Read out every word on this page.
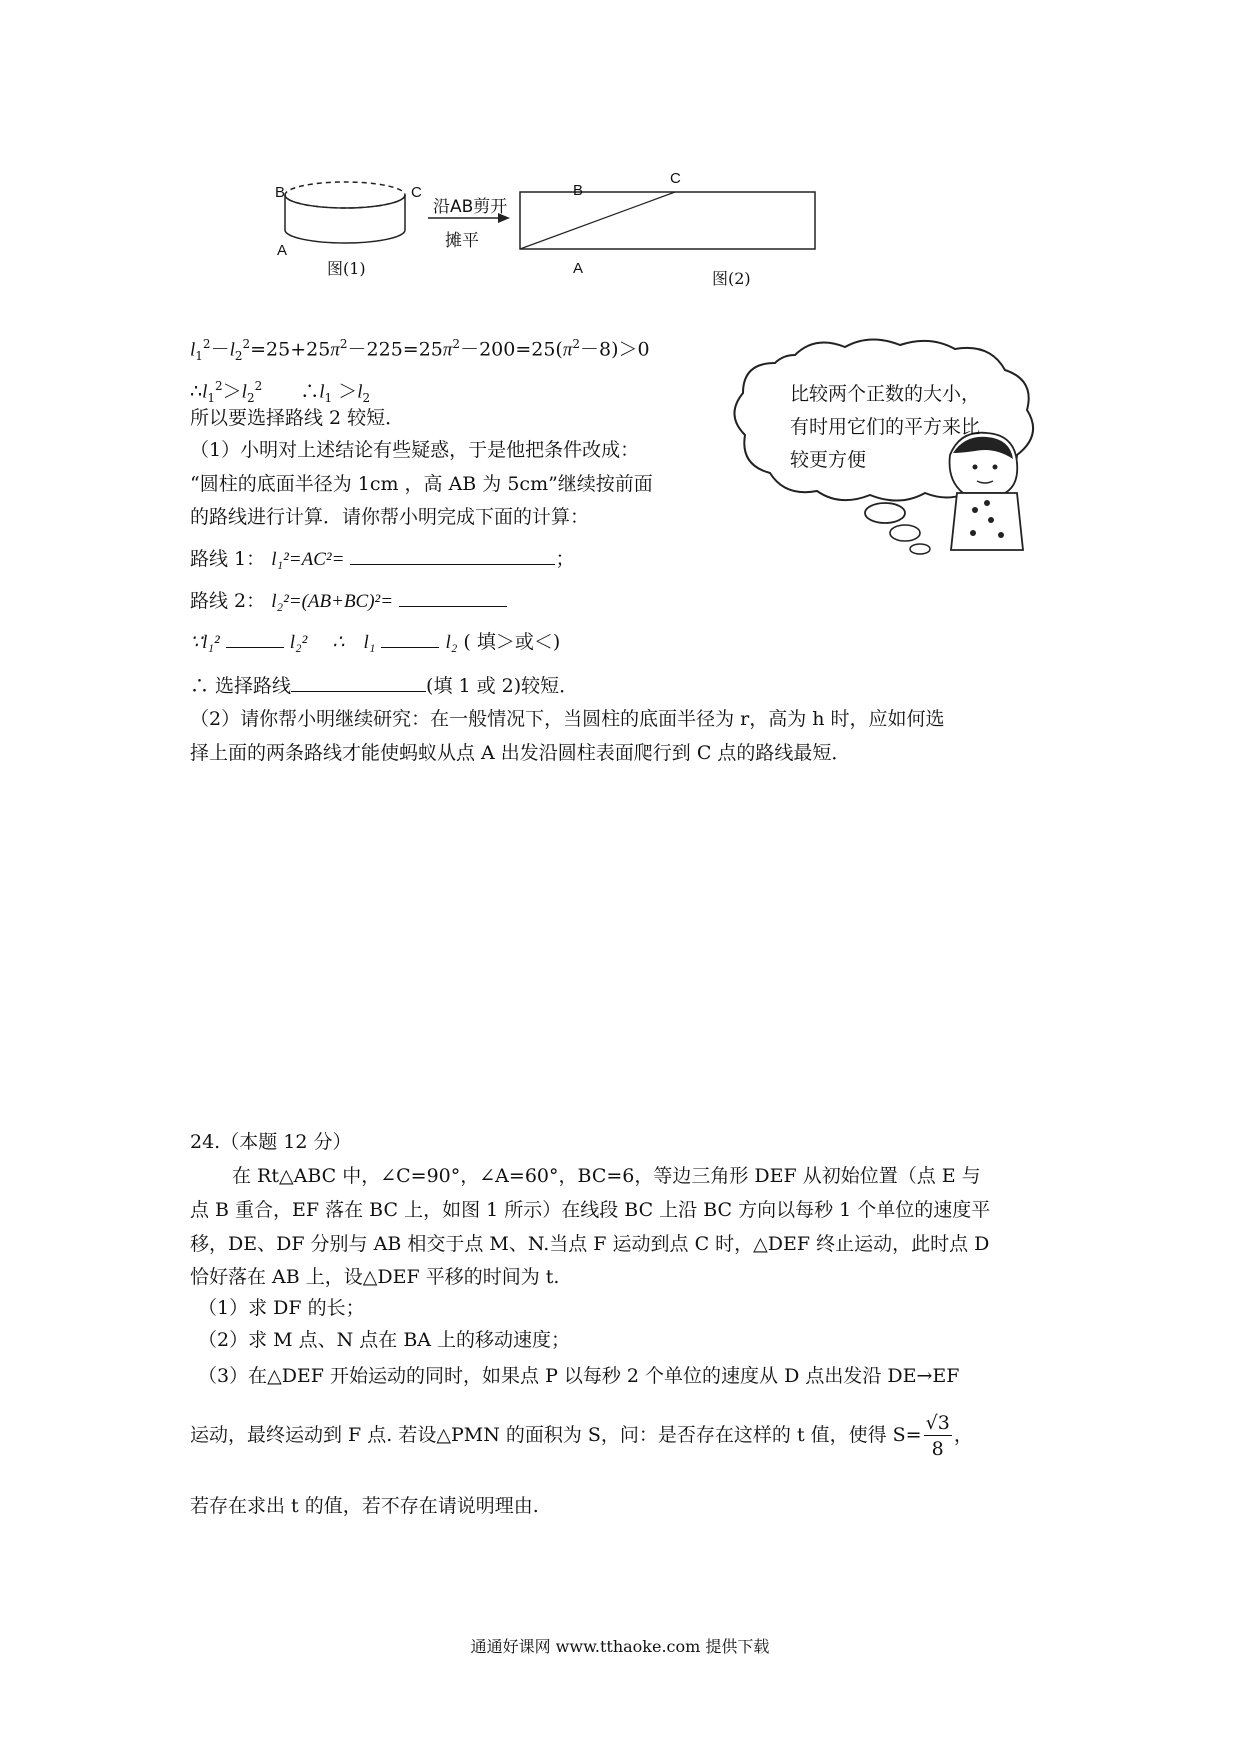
B	C
A
图(1)
沿AB剪开
摊平
B
C
A
图(2)
比较两个正数的大小，有时用它们的平方来比较更方便
$l_1^2-l_2^2=25+25\pi^2-225=25\pi^2-200=25(\pi^2-8)>0$
$\therefore l_1^2>l_2^2$　　$\therefore l_1 >l_2$
所以要选择路线 2 较短．
（1）小明对上述结论有些疑惑，于是他把条件改成：
“圆柱的底面半径为 1cm ，高 AB 为 5cm”继续按前面
的路线进行计算．请你帮小明完成下面的计算：
路线 1： l₁²=AC²=	；
路线 2： l₂²=(AB+BC)²=
∵l₁²	l₂² 　 ∴　l₁	l₂ ( 填＞或＜)
∴ 选择路线	(填 1 或 2)较短．
（2）请你帮小明继续研究：在一般情况下，当圆柱的底面半径为 r，高为 h 时，应如何选
择上面的两条路线才能使蚂蚁从点 A 出发沿圆柱表面爬行到 C 点的路线最短．
24.（本题 12 分）
在 Rt△ABC 中，∠C=90°，∠A=60°，BC=6，等边三角形 DEF 从初始位置（点 E 与
点 B 重合，EF 落在 BC 上，如图 1 所示）在线段 BC 上沿 BC 方向以每秒 1 个单位的速度平
移，DE、DF 分别与 AB 相交于点 M、N.当点 F 运动到点 C 时，△DEF 终止运动，此时点 D
恰好落在 AB 上，设△DEF 平移的时间为 t.
（1）求 DF 的长；
（2）求 M 点、N 点在 BA 上的移动速度；
（3）在△DEF 开始运动的同时，如果点 P 以每秒 2 个单位的速度从 D 点出发沿 DE→EF
运动，最终运动到 F 点. 若设△PMN 的面积为 S，问：是否存在这样的 t 值，使得 $S= \frac{√3}{8}$ ，
若存在求出 t 的值，若不存在请说明理由.
通通好课网 www.tthaoke.com 提供下载
